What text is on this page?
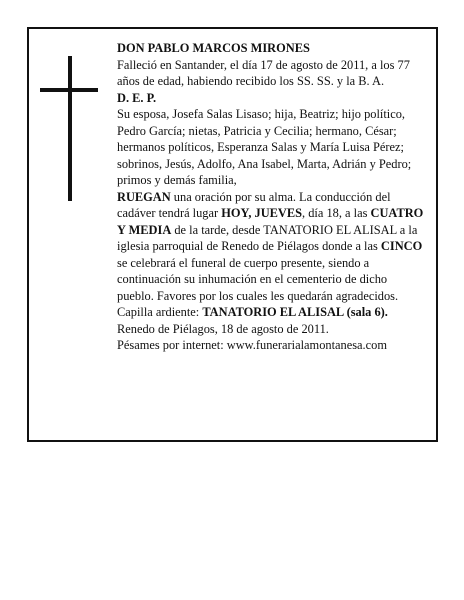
DON PABLO MARCOS MIRONES

Falleció en Santander, el día 17 de agosto de 2011, a los 77 años de edad, habiendo recibido los SS. SS. y la B. A.

D. E. P.

Su esposa, Josefa Salas Lisaso; hija, Beatriz; hijo político, Pedro García; nietas, Patricia y Cecilia; hermano, César; hermanos políticos, Esperanza Salas y María Luisa Pérez; sobrinos, Jesús, Adolfo, Ana Isabel, Marta, Adrián y Pedro; primos y demás familia,

RUEGAN una oración por su alma. La conducción del cadáver tendrá lugar HOY, JUEVES, día 18, a las CUATRO Y MEDIA de la tarde, desde TANATORIO EL ALISAL a la iglesia parroquial de Renedo de Piélagos donde a las CINCO se celebrará el funeral de cuerpo presente, siendo a continuación su inhumación en el cementerio de dicho pueblo. Favores por los cuales les quedarán agradecidos. Capilla ardiente: TANATORIO EL ALISAL (sala 6).

Renedo de Piélagos, 18 de agosto de 2011.

Pésames por internet: www.funerarialamontanesa.com
